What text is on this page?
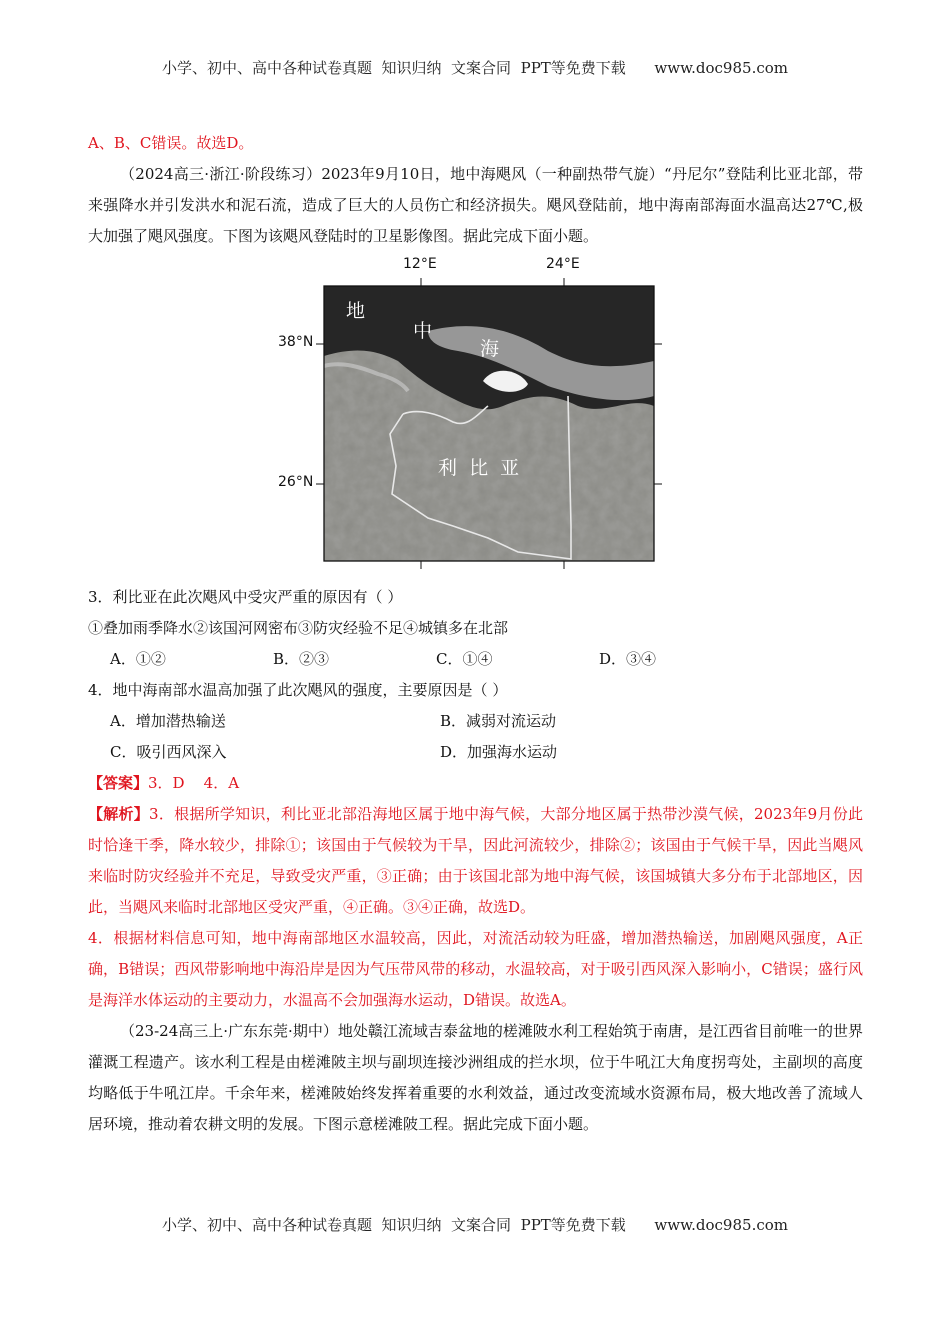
小学、初中、高中各种试卷真题  知识归纳  文案合同  PPT等免费下载      www.doc985.com

A、B、C错误。故选D。

（2024高三·浙江·阶段练习）2023年9月10日，地中海飓风（一种副热带气旋）“丹尼尔”登陆利比亚北部，带来强降水并引发洪水和泥石流，造成了巨大的人员伤亡和经济损失。飓风登陆前，地中海南部海面水温高达27℃,极大加强了飓风强度。下图为该飓风登陆时的卫星影像图。据此完成下面小题。

12°E	24°E
38°N
26°N
地
中
海
利  比  亚

3．利比亚在此次飓风中受灾严重的原因有（ ）

①叠加雨季降水②该国河网密布③防灾经验不足④城镇多在北部

A．①②	B．②③	C．①④	D．③④

4．地中海南部水温高加强了此次飓风的强度，主要原因是（ ）

A．增加潜热输送	B．减弱对流运动
C．吸引西风深入	D．加强海水运动

【答案】3．D    4．A

【解析】3．根据所学知识，利比亚北部沿海地区属于地中海气候，大部分地区属于热带沙漠气候，2023年9月份此时恰逢干季，降水较少，排除①；该国由于气候较为干旱，因此河流较少，排除②；该国由于气候干旱，因此当飓风来临时防灾经验并不充足，导致受灾严重，③正确；由于该国北部为地中海气候，该国城镇大多分布于北部地区，因此，当飓风来临时北部地区受灾严重，④正确。③④正确，故选D。

4．根据材料信息可知，地中海南部地区水温较高，因此，对流活动较为旺盛，增加潜热输送，加剧飓风强度，A正确，B错误；西风带影响地中海沿岸是因为气压带风带的移动，水温较高，对于吸引西风深入影响小，C错误；盛行风是海洋水体运动的主要动力，水温高不会加强海水运动，D错误。故选A。

（23-24高三上·广东东莞·期中）地处赣江流域吉泰盆地的槎滩陂水利工程始筑于南唐，是江西省目前唯一的世界灌溉工程遗产。该水利工程是由槎滩陂主坝与副坝连接沙洲组成的拦水坝，位于牛吼江大角度拐弯处，主副坝的高度均略低于牛吼江岸。千余年来，槎滩陂始终发挥着重要的水利效益，通过改变流域水资源布局，极大地改善了流域人居环境，推动着农耕文明的发展。下图示意槎滩陂工程。据此完成下面小题。

小学、初中、高中各种试卷真题  知识归纳  文案合同  PPT等免费下载      www.doc985.com
